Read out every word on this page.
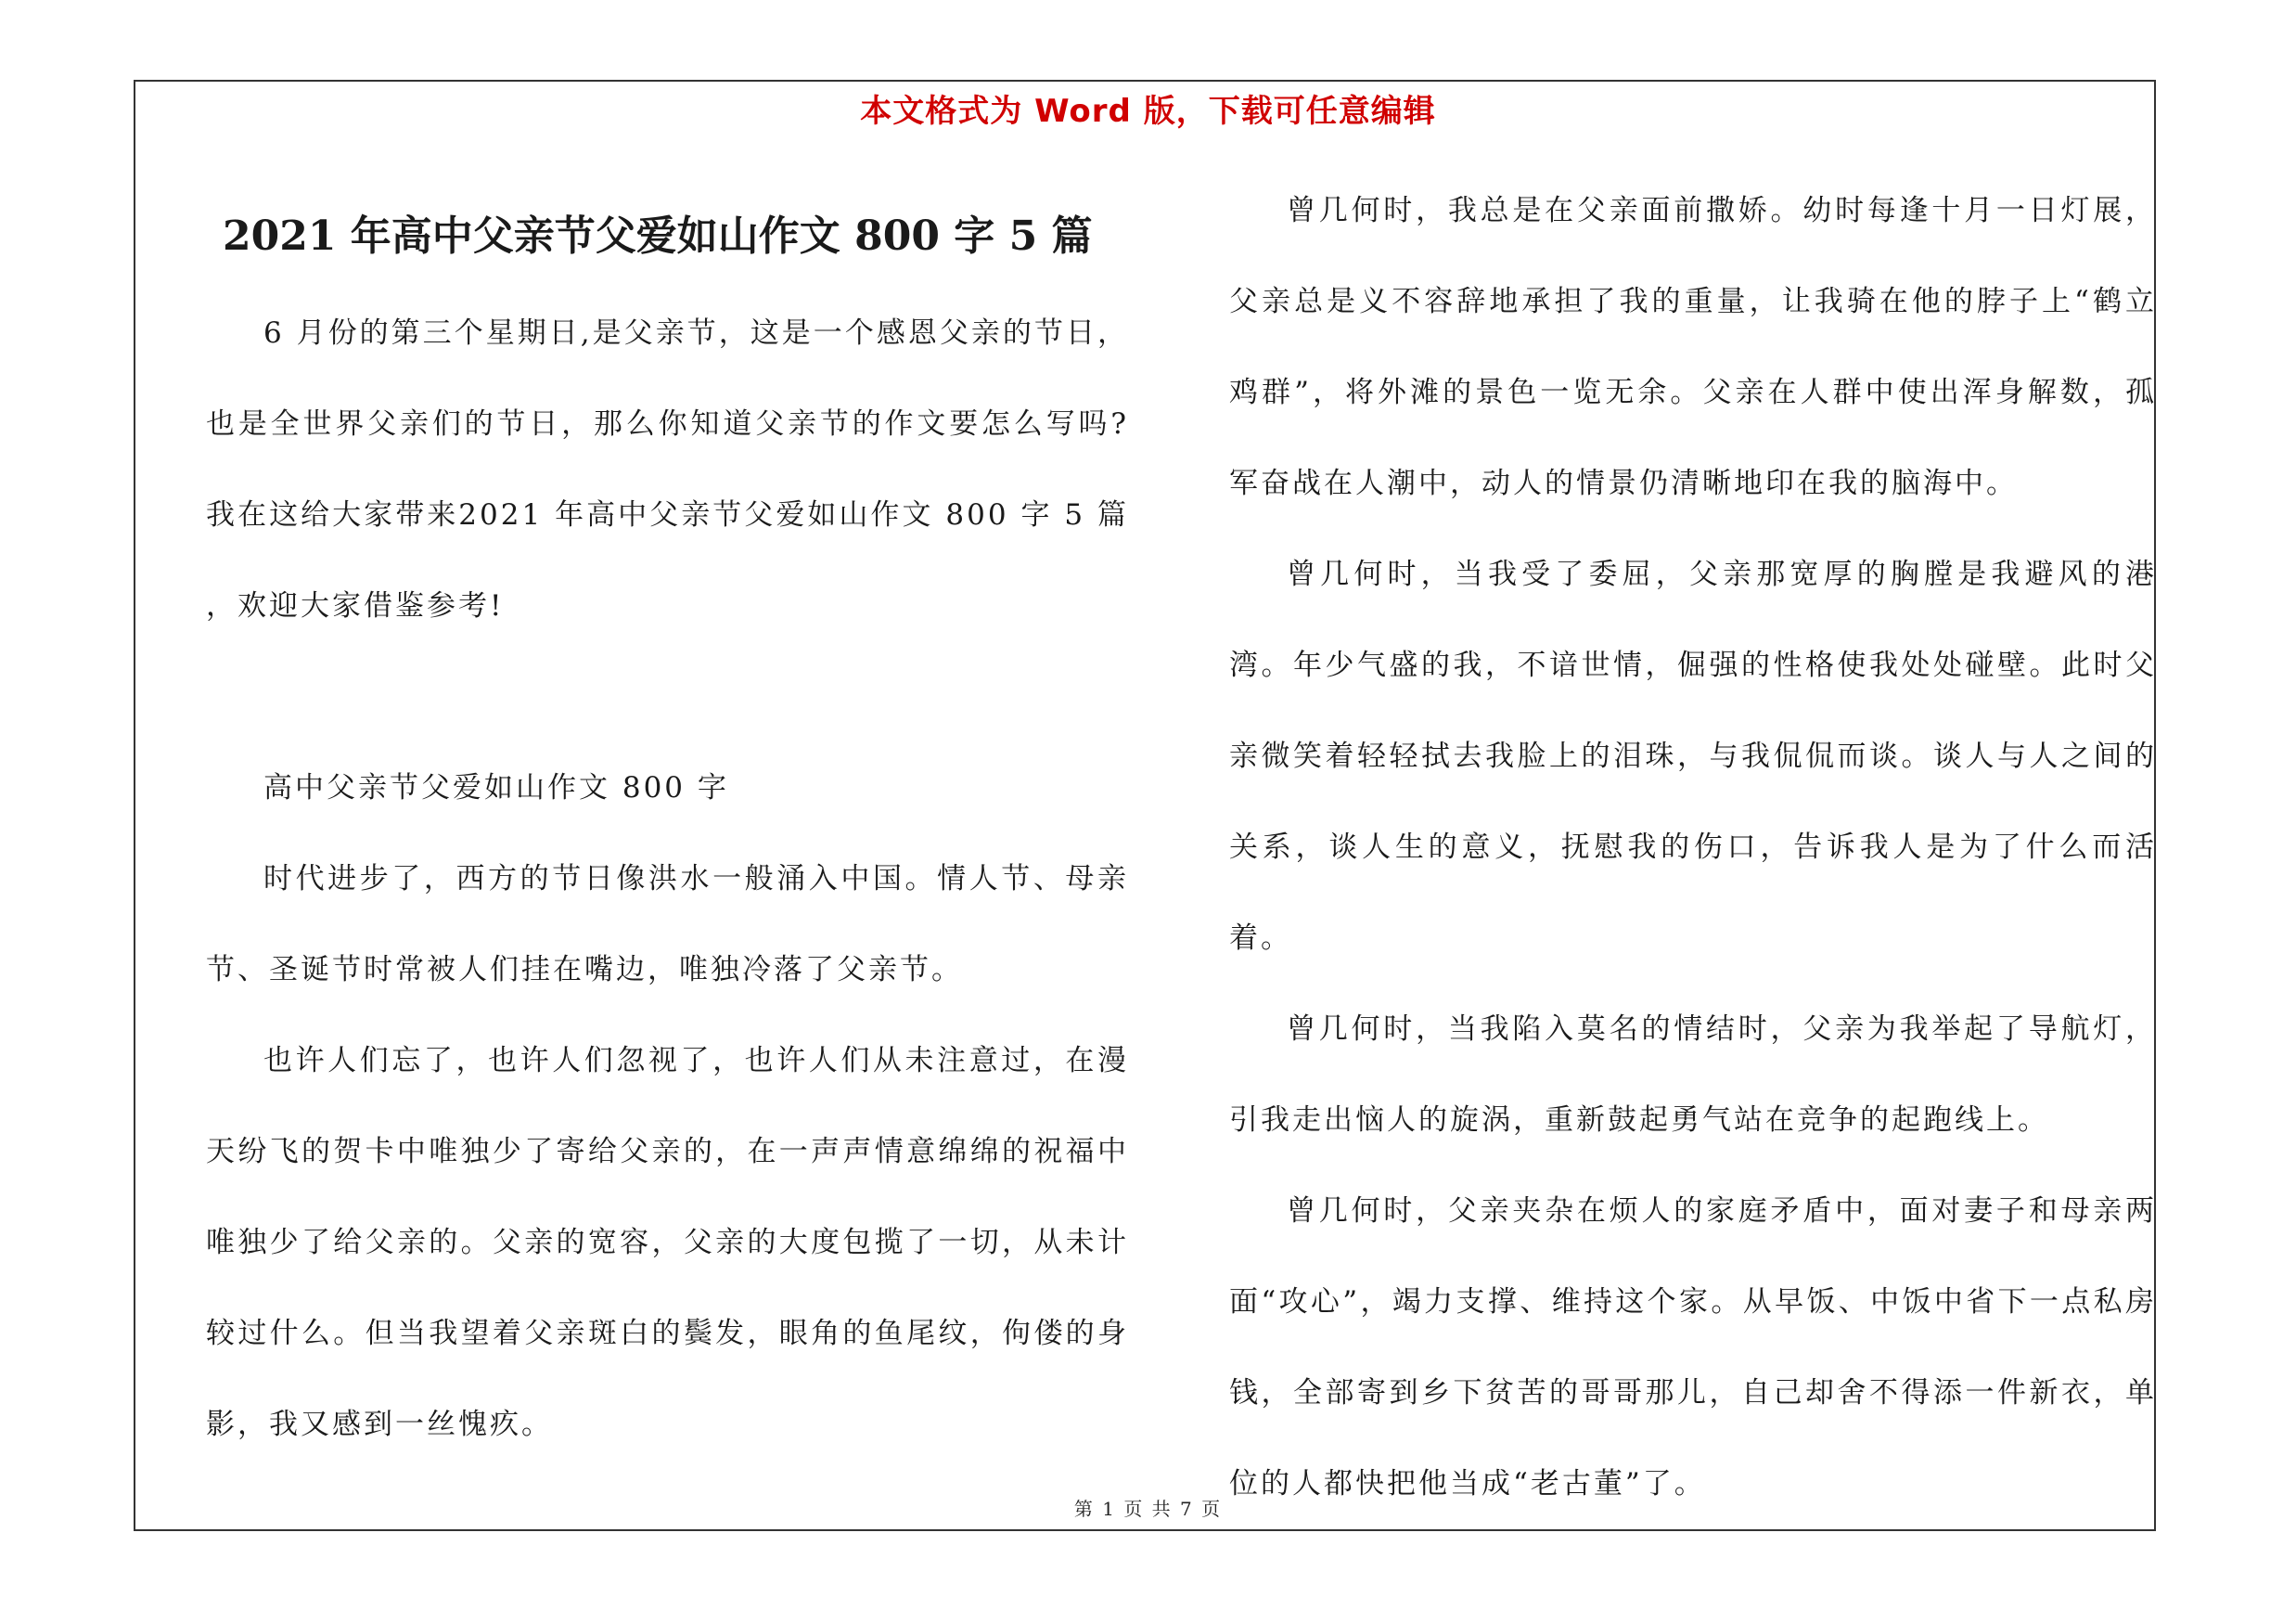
本文格式为 Word 版，下载可任意编辑
2021 年高中父亲节父爱如山作文 800 字 5 篇

6 月份的第三个星期日,是父亲节，这是一个感恩父亲的节日，也是全世界父亲们的节日，那么你知道父亲节的作文要怎么写吗?我在这给大家带来2021 年高中父亲节父爱如山作文 800 字 5 篇 ，欢迎大家借鉴参考!

高中父亲节父爱如山作文 800 字

时代进步了，西方的节日像洪水一般涌入中国。情人节、母亲节、圣诞节时常被人们挂在嘴边，唯独冷落了父亲节。

也许人们忘了，也许人们忽视了，也许人们从未注意过，在漫天纷飞的贺卡中唯独少了寄给父亲的，在一声声情意绵绵的祝福中唯独少了给父亲的。父亲的宽容，父亲的大度包揽了一切，从未计较过什么。但当我望着父亲斑白的鬓发，眼角的鱼尾纹，佝偻的身影，我又感到一丝愧疚。

曾几何时，我总是在父亲面前撒娇。幼时每逢十月一日灯展，父亲总是义不容辞地承担了我的重量，让我骑在他的脖子上“鹤立鸡群”，将外滩的景色一览无余。父亲在人群中使出浑身解数，孤军奋战在人潮中，动人的情景仍清晰地印在我的脑海中。

曾几何时，当我受了委屈，父亲那宽厚的胸膛是我避风的港湾。年少气盛的我，不谙世情，倔强的性格使我处处碰壁。此时父亲微笑着轻轻拭去我脸上的泪珠，与我侃侃而谈。谈人与人之间的关系，谈人生的意义，抚慰我的伤口，告诉我人是为了什么而活着。

曾几何时，当我陷入莫名的情结时，父亲为我举起了导航灯，引我走出恼人的旋涡，重新鼓起勇气站在竞争的起跑线上。

曾几何时，父亲夹杂在烦人的家庭矛盾中，面对妻子和母亲两面“攻心”，竭力支撑、维持这个家。从早饭、中饭中省下一点私房钱，全部寄到乡下贫苦的哥哥那儿，自己却舍不得添一件新衣，单位的人都快把他当成“老古董”了。

第 1 页 共 7 页
